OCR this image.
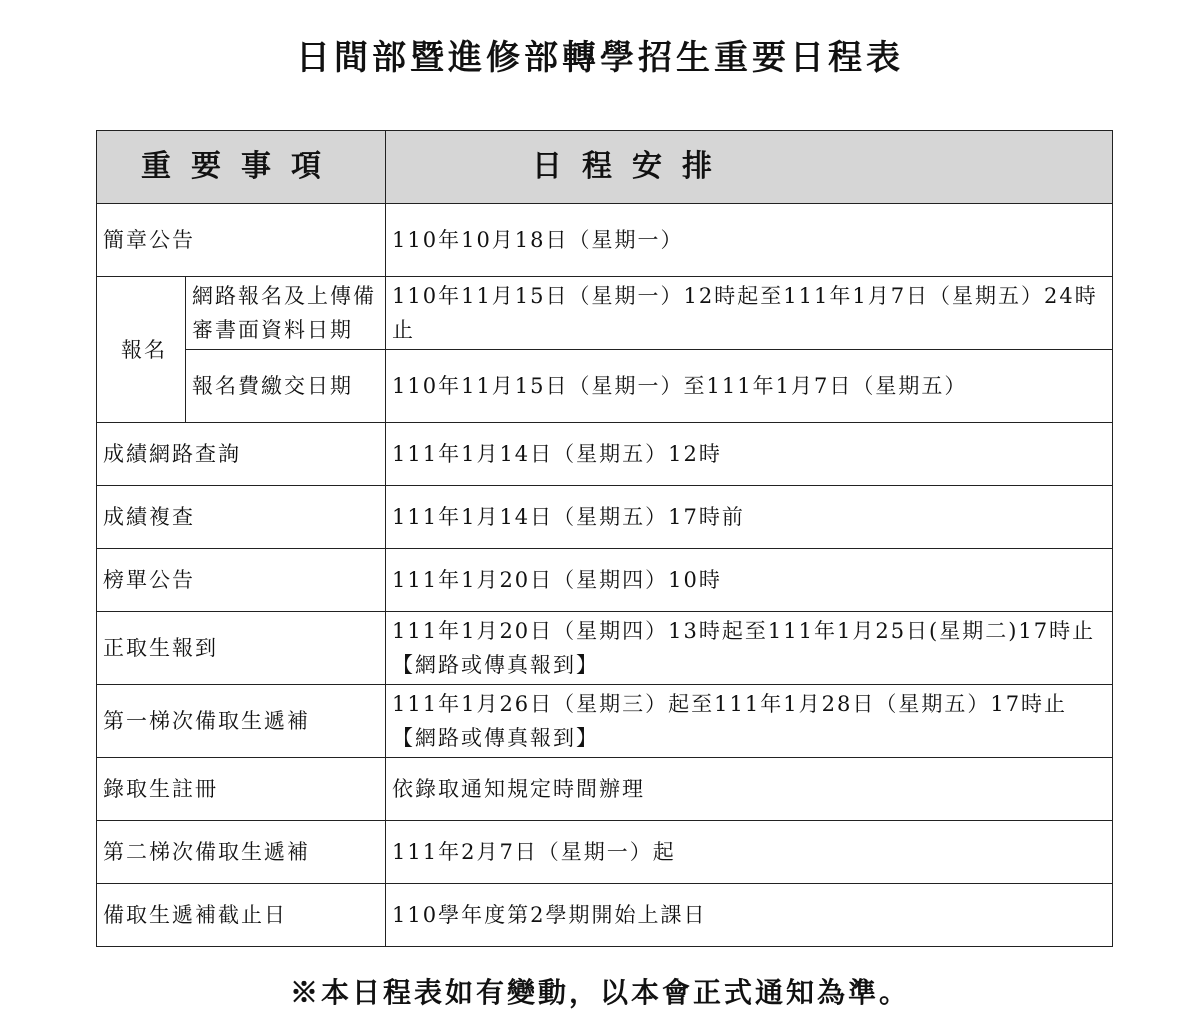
日間部暨進修部轉學招生重要日程表
重要事項		日程安排
簡章公告		110年10月18日（星期一）
報名	網路報名及上傳備審書面資料日期	110年11月15日（星期一）12時起至111年1月7日（星期五）24時止
	報名費繳交日期	110年11月15日（星期一）至111年1月7日（星期五）
成績網路查詢		111年1月14日（星期五）12時
成績複查		111年1月14日（星期五）17時前
榜單公告		111年1月20日（星期四）10時
正取生報到		111年1月20日（星期四）13時起至111年1月25日(星期二)17時止
【網路或傳真報到】

第一梯次備取生遞補		111年1月26日（星期三）起至111年1月28日（星期五）17時止
【網路或傳真報到】

錄取生註冊		依錄取通知規定時間辦理
第二梯次備取生遞補		111年2月7日（星期一）起
備取生遞補截止日		110學年度第2學期開始上課日
※本日程表如有變動，以本會正式通知為準。
